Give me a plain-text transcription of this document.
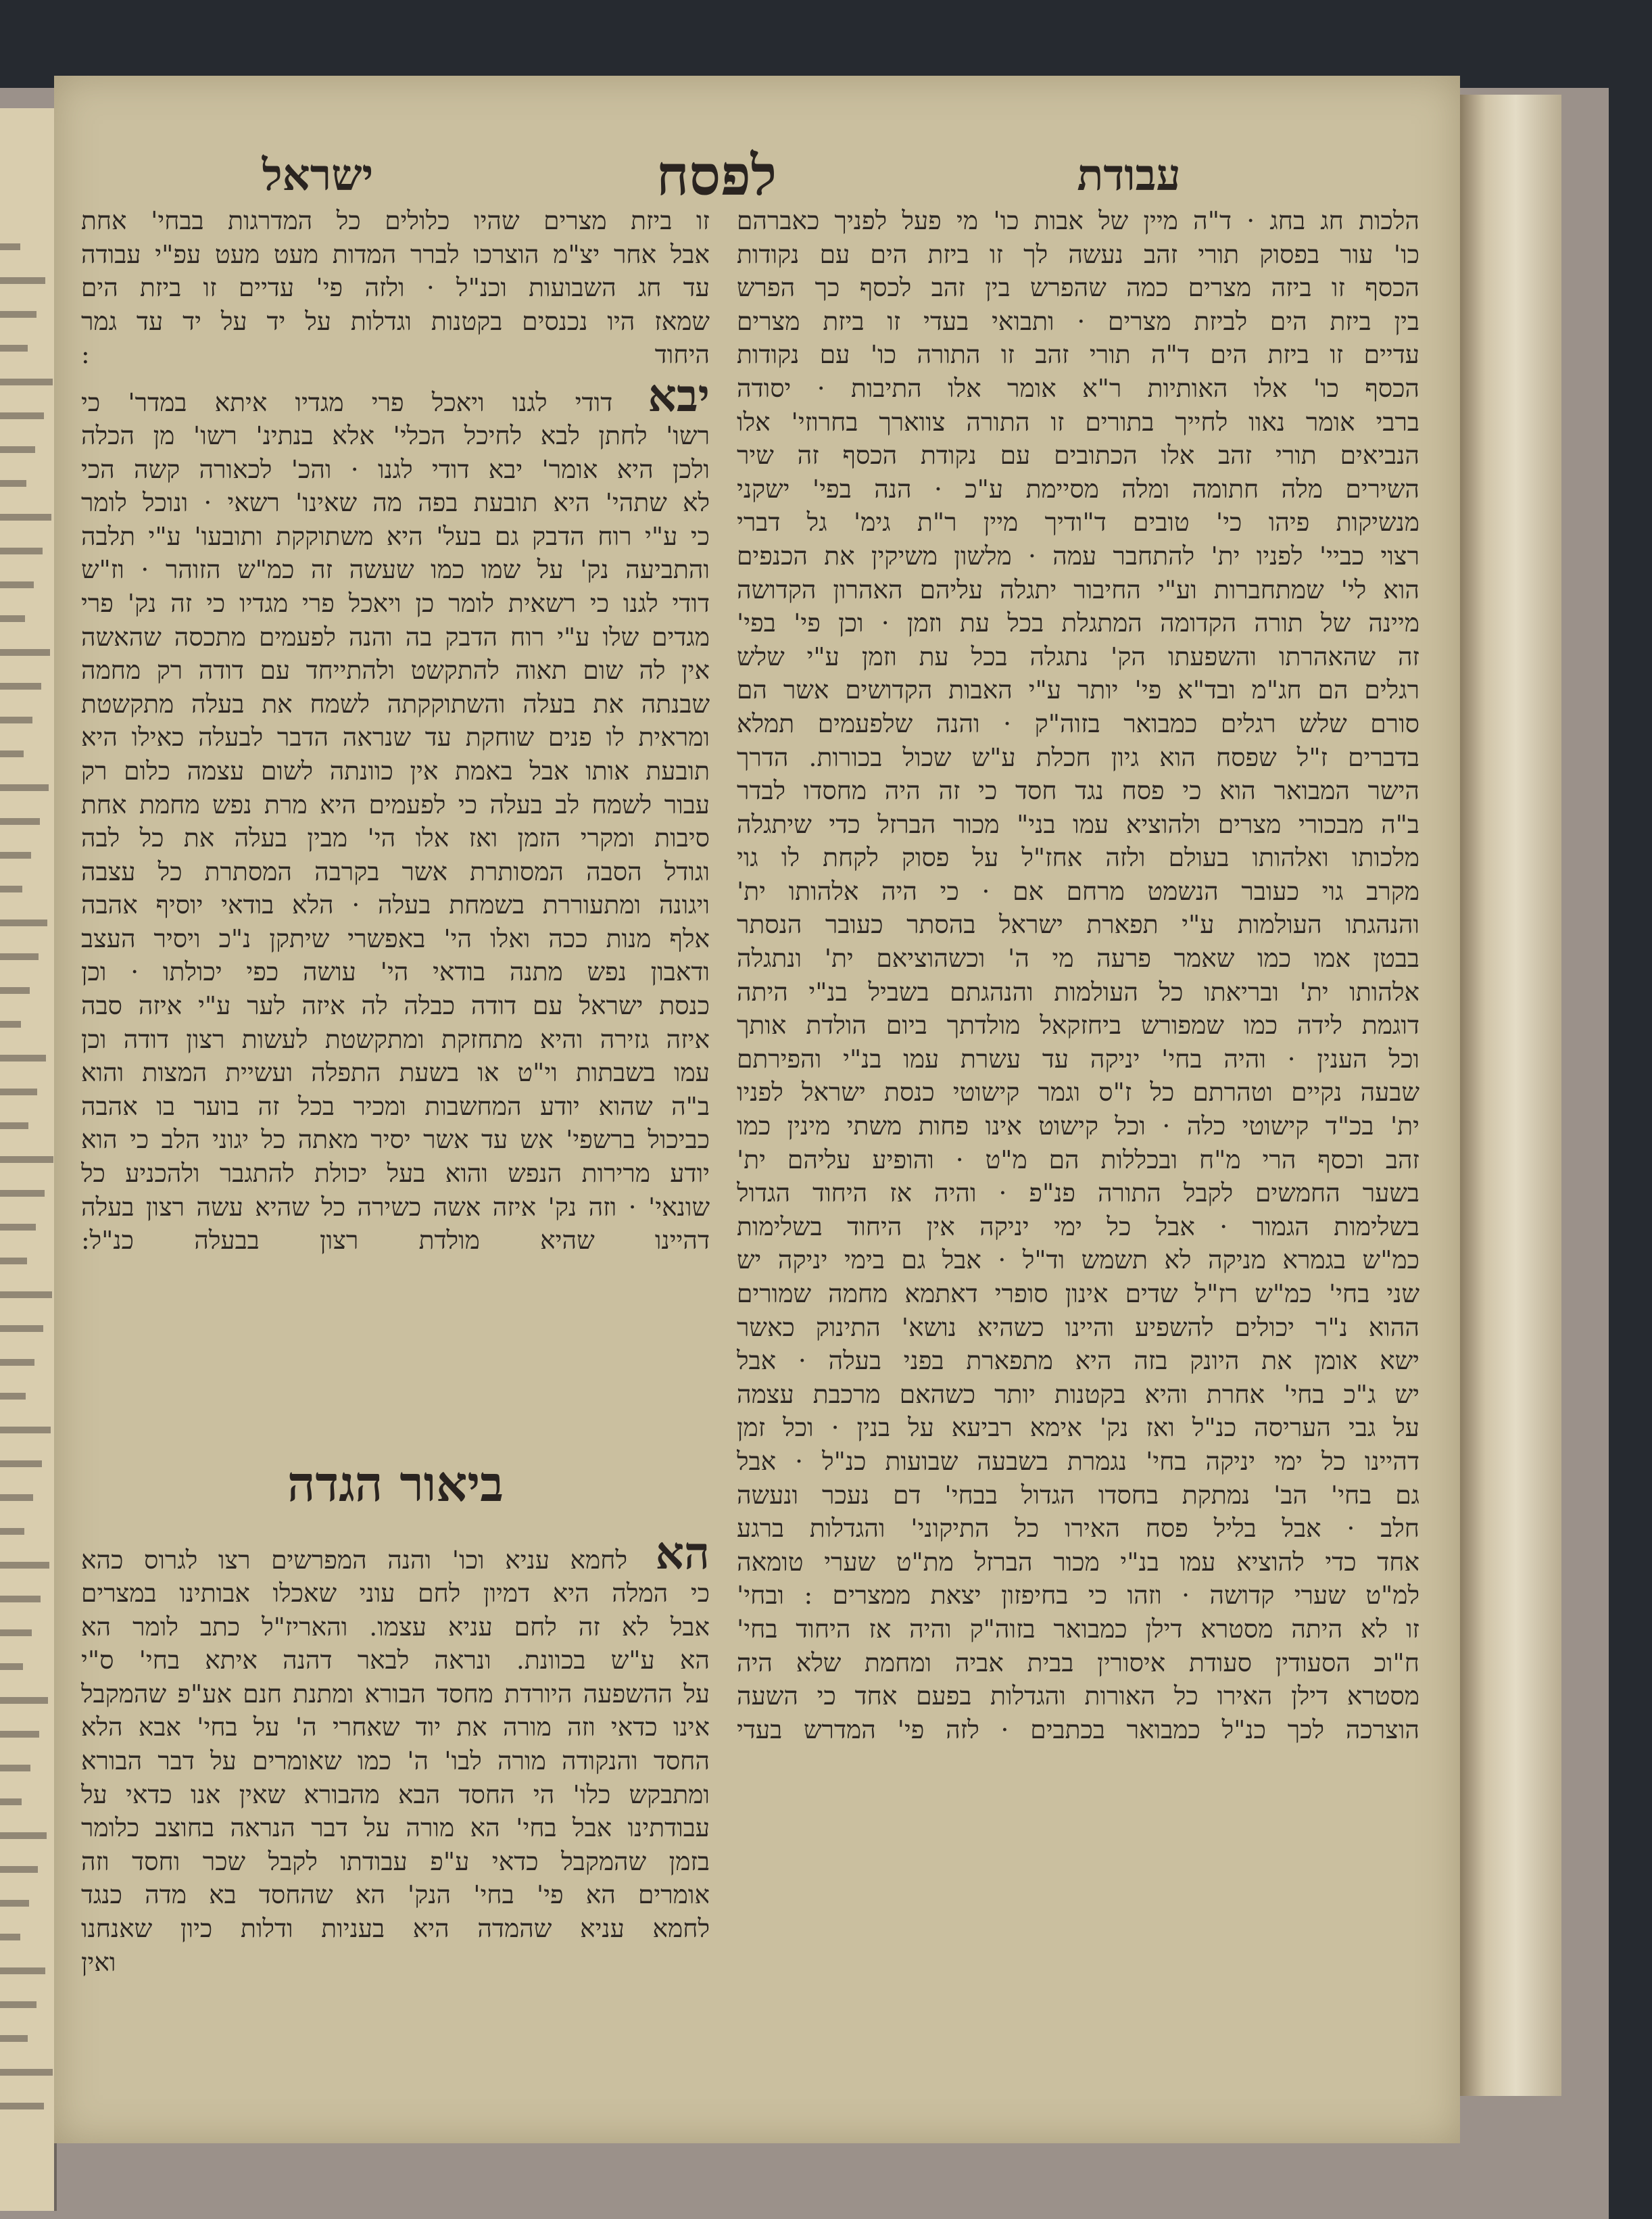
עבודת
לפסח
ישראל
הלכות חג בחג · ד"ה מיין של אבות כו' מי פעל לפניך כאברהם
כו' עור בפסוק תורי זהב נעשה לך זו ביזת הים עם נקודות
הכסף זו ביזה מצרים כמה שהפרש בין זהב לכסף כך הפרש
בין ביזת הים לביזת מצרים · ותבואי בעדי זו ביזת מצרים
עדיים זו ביזת הים ד"ה תורי זהב זו התורה כו' עם נקודות
הכסף כו' אלו האותיות ר"א אומר אלו התיבות · יסודה
ברבי אומר נאוו לחייך בתורים זו התורה צווארך בחרוזי' אלו
הנביאים תורי זהב אלו הכתובים עם נקודת הכסף זה שיר
השירים מלה חתומה ומלה מסיימת ע"כ · הנה בפי' ישקני
מנשיקות פיהו כי' טובים ד"ודיך מיין ר"ת גימ' גל דברי
רצוי כביי' לפניו ית' להתחבר עמה · מלשון משיקין את הכנפים
הוא לי' שמתחברות וע"י החיבור יתגלה עליהם האהרון הקדושה
מיינה של תורה הקדומה המתגלת בכל עת וזמן · וכן פי' בפי'
זה שהאהרתו והשפעתו הק' נתגלה בכל עת וזמן ע"י שלש
רגלים הם חג"מ ובד"א פי' יותר ע"י האבות הקדושים אשר הם
סורם שלש רגלים כמבואר בזוה"ק · והנה שלפעמים תמלא
בדברים ז"ל שפסח הוא גיון חכלת ע"ש שכול בכורות. הדרך
הישר המבואר הוא כי פסח נגד חסד כי זה היה מחסדו לבדר
ב"ה מבכורי מצרים ולהוציא עמו בני" מכור הברזל כדי שיתגלה
מלכותו ואלהותו בעולם ולזה אחז"ל על פסוק לקחת לו גוי
מקרב גוי כעובר הנשמט מרחם אם · כי היה אלהותו ית'
והנהגתו העולמות ע"י תפארת ישראל בהסתר כעובר הנסתר
בבטן אמו כמו שאמר פרעה מי ה' וכשהוציאם ית' ונתגלה
אלהותו ית' ובריאתו כל העולמות והנהגתם בשביל בנ"י היתה
דוגמת לידה כמו שמפורש ביחזקאל מולדתך ביום הולדת אותך
וכל הענין · והיה בחי' יניקה עד עשרת עמו בנ"י והפירתם
שבעה נקיים וטהרתם כל ז"ס וגמר קישוטי כנסת ישראל לפניו
ית' בכ"ד קישוטי כלה · וכל קישוט אינו פחות משתי מינין כמו
זהב וכסף הרי מ"ח ובכללות הם מ"ט · והופיע עליהם ית'
בשער החמשים לקבל התורה פנ"פ · והיה אז היחוד הגדול
בשלימות הגמור · אבל כל ימי יניקה אין היחוד בשלימות
כמ"ש בגמרא מניקה לא תשמש וד"ל · אבל גם בימי יניקה יש
שני בחי' כמ"ש רז"ל שדים אינון סופרי דאתמא מחמה שמורים
ההוא נ"ר יכולים להשפיע והיינו כשהיא נושא' התינוק כאשר
ישא אומן את היונק בזה היא מתפארת בפני בעלה · אבל
יש ג"כ בחי' אחרת והיא בקטנות יותר כשהאם מרכבת עצמה
על גבי העריסה כנ"ל ואז נק' אימא רביעא על בנין · וכל זמן
דהיינו כל ימי יניקה בחי' נגמרת בשבעה שבועות כנ"ל · אבל
גם בחי' הב' נמתקת בחסדו הגדול בבחי' דם נעכר ונעשה
חלב · אבל בליל פסח האירו כל התיקוני' והגדלות ברגע
אחד כדי להוציא עמו בנ"י מכור הברזל מת"ט שערי טומאה
למ"ט שערי קדושה · וזהו כי בחיפזון יצאת ממצרים : ובחי'
זו לא היתה מסטרא דילן כמבואר בזוה"ק והיה אז היחוד בחי'
ח"וכ הסעודין סעודת איסורין בבית אביה ומחמת שלא היה
מסטרא דילן האירו כל האורות והגדלות בפעם אחד כי השעה
הוצרכה לכך כנ"ל כמבואר בכתבים · לזה פי' המדרש בעדי
זו ביזת מצרים שהיו כלולים כל המדרגות בבחי' אחת
אבל אחר יצ"מ הוצרכו לברר המדות מעט מעט עפ"י עבודה
עד חג השבועות וכנ"ל · ולזה פי' עדיים זו ביזת הים
שמאז היו נכנסים בקטנות וגדלות על יד על יד עד גמר
היחוד :
יבא דודי לגנו ויאכל פרי מגדיו איתא במדר' כי
רשו' לחתן לבא לחיכל הכלי' אלא בנתינ' רשו' מן הכלה
ולכן היא אומר' יבא דודי לגנו · והכ' לכאורה קשה הכי
לא שתהי' היא תובעת בפה מה שאינו' רשאי · ונוכל לומר
כי ע"י רוח הדבק גם בעל' היא משתוקקת ותובעו' ע"י תלבה
והתביעה נק' על שמו כמו שעשה זה כמ"ש הזוהר · וז"ש
דודי לגנו כי רשאית לומר כן ויאכל פרי מגדיו כי זה נק' פרי
מגדים שלו ע"י רוח הדבק בה והנה לפעמים מתכסה שהאשה
אין לה שום תאוה להתקשט ולהתייחד עם דודה רק מחמה
שבנתה את בעלה והשתוקקתה לשמח את בעלה מתקשטת
ומראית לו פנים שוחקת עד שנראה הדבר לבעלה כאילו היא
תובעת אותו אבל באמת אין כוונתה לשום עצמה כלום רק
עבור לשמח לב בעלה כי לפעמים היא מרת נפש מחמת אחת
סיבות ומקרי הזמן ואז אלו הי' מבין בעלה את כל לבה
וגודל הסבה המסותרת אשר בקרבה המסתרת כל עצבה
ויגונה ומתעוררת בשמחת בעלה · הלא בודאי יוסיף אהבה
אלף מנות ככה ואלו הי' באפשרי שיתקן נ"כ ויסיר העצב
ודאבון נפש מתנה בודאי הי' עושה כפי יכולתו · וכן
כנסת ישראל עם דודה כבלה לה איזה לער ע"י איזה סבה
איזה גזירה והיא מתחזקת ומתקשטת לעשות רצון דודה וכן
עמו בשבתות וי"ט או בשעת התפלה ועשיית המצות והוא
ב"ה שהוא יודע המחשבות ומכיר בכל זה בוער בו אהבה
כביכול ברשפי' אש עד אשר יסיר מאתה כל יגוני הלב כי הוא
יודע מרירות הנפש והוא בעל יכולת להתגבר ולהכניע כל
שונאי' · וזה נק' איזה אשה כשירה כל שהיא עשה רצון בעלה
דהיינו שהיא מולדת רצון בבעלה כנ"ל:
ביאור הגדה
הא לחמא עניא וכו' והנה המפרשים רצו לגרוס כהא
כי המלה היא דמיון לחם עוני שאכלו אבותינו במצרים
אבל לא זה לחם עניא עצמו. והאריז"ל כתב לומר הא
הא ע"ש בכוונת. ונראה לבאר דהנה איתא בחי' ס"י
על ההשפעה היורדת מחסד הבורא ומתנת חנם אע"פ שהמקבל
אינו כדאי וזה מורה את יוד שאחרי ה' על בחי' אבא הלא
החסד והנקודה מורה לבו' ה' כמו שאומרים על דבר הבורא
ומתבקש כלו' הי החסד הבא מהבורא שאין אנו כדאי על
עבודתינו אבל בחי' הא מורה על דבר הנראה בחוצב כלומר
בזמן שהמקבל כדאי ע"פ עבודתו לקבל שכר וחסד וזה
אומרים הא פי' בחי' הנק' הא שהחסד בא מדה כנגד
לחמא עניא שהמדה היא בעניות ודלות כיון שאנחנו
ואין
